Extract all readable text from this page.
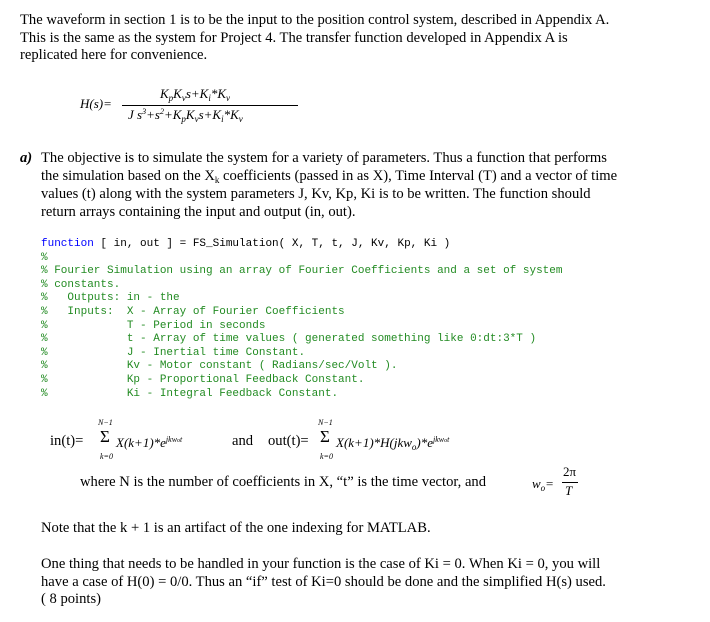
The waveform in section 1 is to be the input to the position control system, described in Appendix A.
This is the same as the system for Project 4. The transfer function developed in Appendix A is
replicated here for convenience.
H(s)=
$K_pK_vs+K_i*K_v$
J $s^3+s^2+K_pK_vs+K_i*K_v$
a) The objective is to simulate the system for a variety of parameters. Thus a function that performs
the simulation based on the $X_k$ coefficients (passed in as X), Time Interval (T) and a vector of time
values (t) along with the system parameters J, Kv, Kp, Ki is to be written. The function should
return arrays containing the input and output (in, out).
function [ in, out ] = FS_Simulation( X, T, t, J, Kv, Kp, Ki )
%
% Fourier Simulation using an array of Fourier Coefficients and a set of system
% constants.
%   Outputs: in - the
%   Inputs:  X - Array of Fourier Coefficients
%            T - Period in seconds
%            t - Array of time values ( generated something like 0:dt:3*T )
%            J - Inertial time Constant.
%            Kv - Motor constant ( Radians/sec/Volt ).
%            Kp - Proportional Feedback Constant.
%            Ki - Integral Feedback Constant.
in(t)= Σ
N−1
k=0
$X(k+1)*e^{jkwot}$	and out(t)= Σ
N−1
k=0
$X(k+1)*H(jkw_o)*e^{jkwot}$
where N is the number of coefficients in X, “t” is the time vector, and	$w_o=$
2π
T
Note that the k + 1 is an artifact of the one indexing for MATLAB.
One thing that needs to be handled in your function is the case of Ki = 0. When Ki = 0, you will
have a case of H(0) = 0/0. Thus an “if” test of Ki=0 should be done and the simplified H(s) used.
( 8 points)
